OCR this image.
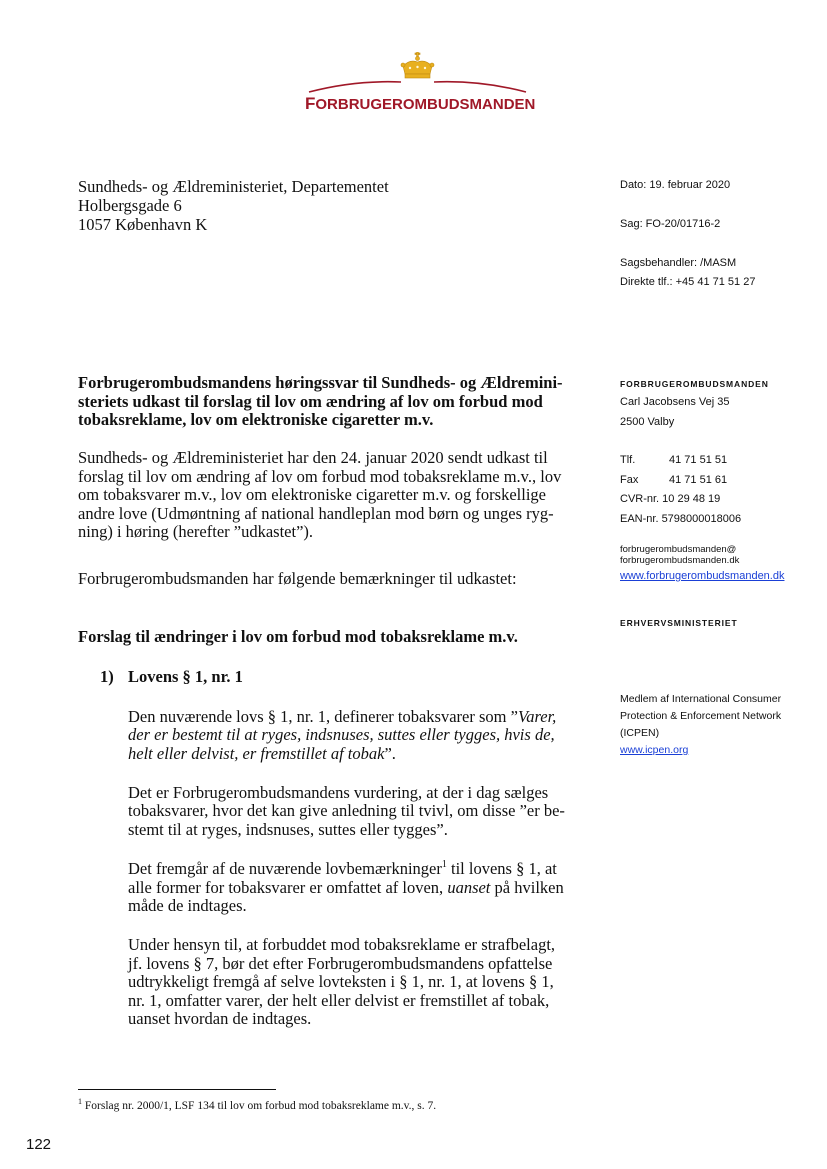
FORBRUGEROMBUDSMANDEN
Sundheds- og Ældreministeriet, Departementet
Holbergsgade 6
1057 København K
Dato: 19. februar 2020
Sag: FO-20/01716-2
Sagsbehandler: /MASM
Direkte tlf.: +45 41 71 51 27
FORBRUGEROMBUDSMANDEN
Carl Jacobsens Vej 35
2500 Valby
Tlf.	41 71 51 51
Fax	41 71 51 61
CVR-nr. 10 29 48 19
EAN-nr. 5798000018006
forbrugerombudsmanden@
forbrugerombudsmanden.dk
www.forbrugerombudsmanden.dk
ERHVERVSMINISTERIET
Medlem af International Consumer
Protection & Enforcement Network
(ICPEN)
www.icpen.org
Forbrugerombudsmandens høringssvar til Sundheds- og Ældremini-
steriets udkast til forslag til lov om ændring af lov om forbud mod
tobaksreklame, lov om elektroniske cigaretter m.v.
Sundheds- og Ældreministeriet har den 24. januar 2020 sendt udkast til
forslag til lov om ændring af lov om forbud mod tobaksreklame m.v., lov
om tobaksvarer m.v., lov om elektroniske cigaretter m.v. og forskellige
andre love (Udmøntning af national handleplan mod børn og unges ryg-
ning) i høring (herefter ”udkastet”).
Forbrugerombudsmanden har følgende bemærkninger til udkastet:
Forslag til ændringer i lov om forbud mod tobaksreklame m.v.
1) Lovens § 1, nr. 1
Den nuværende lovs § 1, nr. 1, definerer tobaksvarer som ”Varer,
der er bestemt til at ryges, indsnuses, suttes eller tygges, hvis de,
helt eller delvist, er fremstillet af tobak”.
Det er Forbrugerombudsmandens vurdering, at der i dag sælges
tobaksvarer, hvor det kan give anledning til tvivl, om disse ”er be-
stemt til at ryges, indsnuses, suttes eller tygges”.
Det fremgår af de nuværende lovbemærkninger$^1$ til lovens § 1, at
alle former for tobaksvarer er omfattet af loven, uanset på hvilken
måde de indtages.
Under hensyn til, at forbuddet mod tobaksreklame er strafbelagt,
jf. lovens § 7, bør det efter Forbrugerombudsmandens opfattelse
udtrykkeligt fremgå af selve lovteksten i § 1, nr. 1, at lovens § 1,
nr. 1, omfatter varer, der helt eller delvist er fremstillet af tobak,
uanset hvordan de indtages.
$^1$ Forslag nr. 2000/1, LSF 134 til lov om forbud mod tobaksreklame m.v., s. 7.
122
